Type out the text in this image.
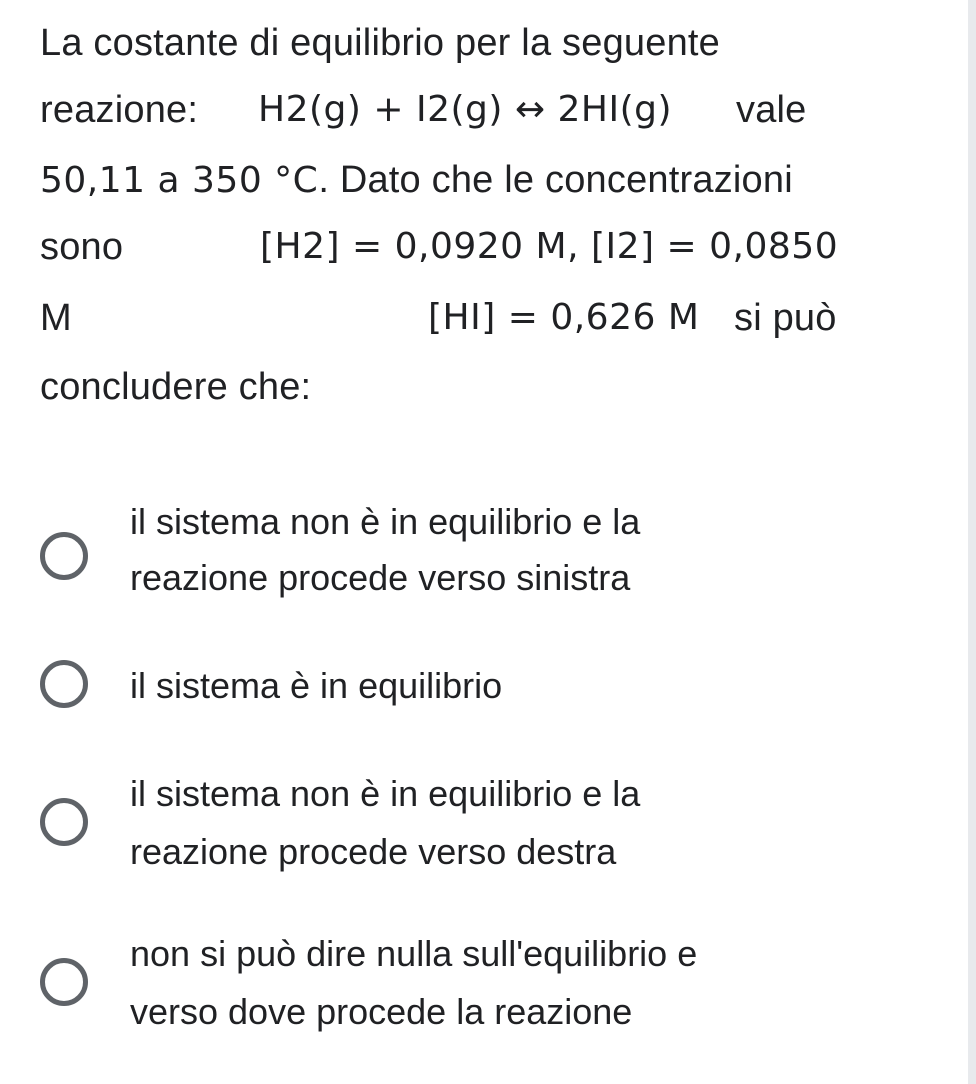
La costante di equilibrio per la seguente
reazione: H2(g) + I2(g) ↔ 2HI(g) vale
50,11 a 350 °C. Dato che le concentrazioni
sono	[H2] = 0,0920 M, [I2] = 0,0850
M	[HI] = 0,626 M si può
concludere che:
il sistema non è in equilibrio e la
reazione procede verso sinistra
il sistema è in equilibrio
il sistema non è in equilibrio e la
reazione procede verso destra
non si può dire nulla sull'equilibrio e
verso dove procede la reazione
